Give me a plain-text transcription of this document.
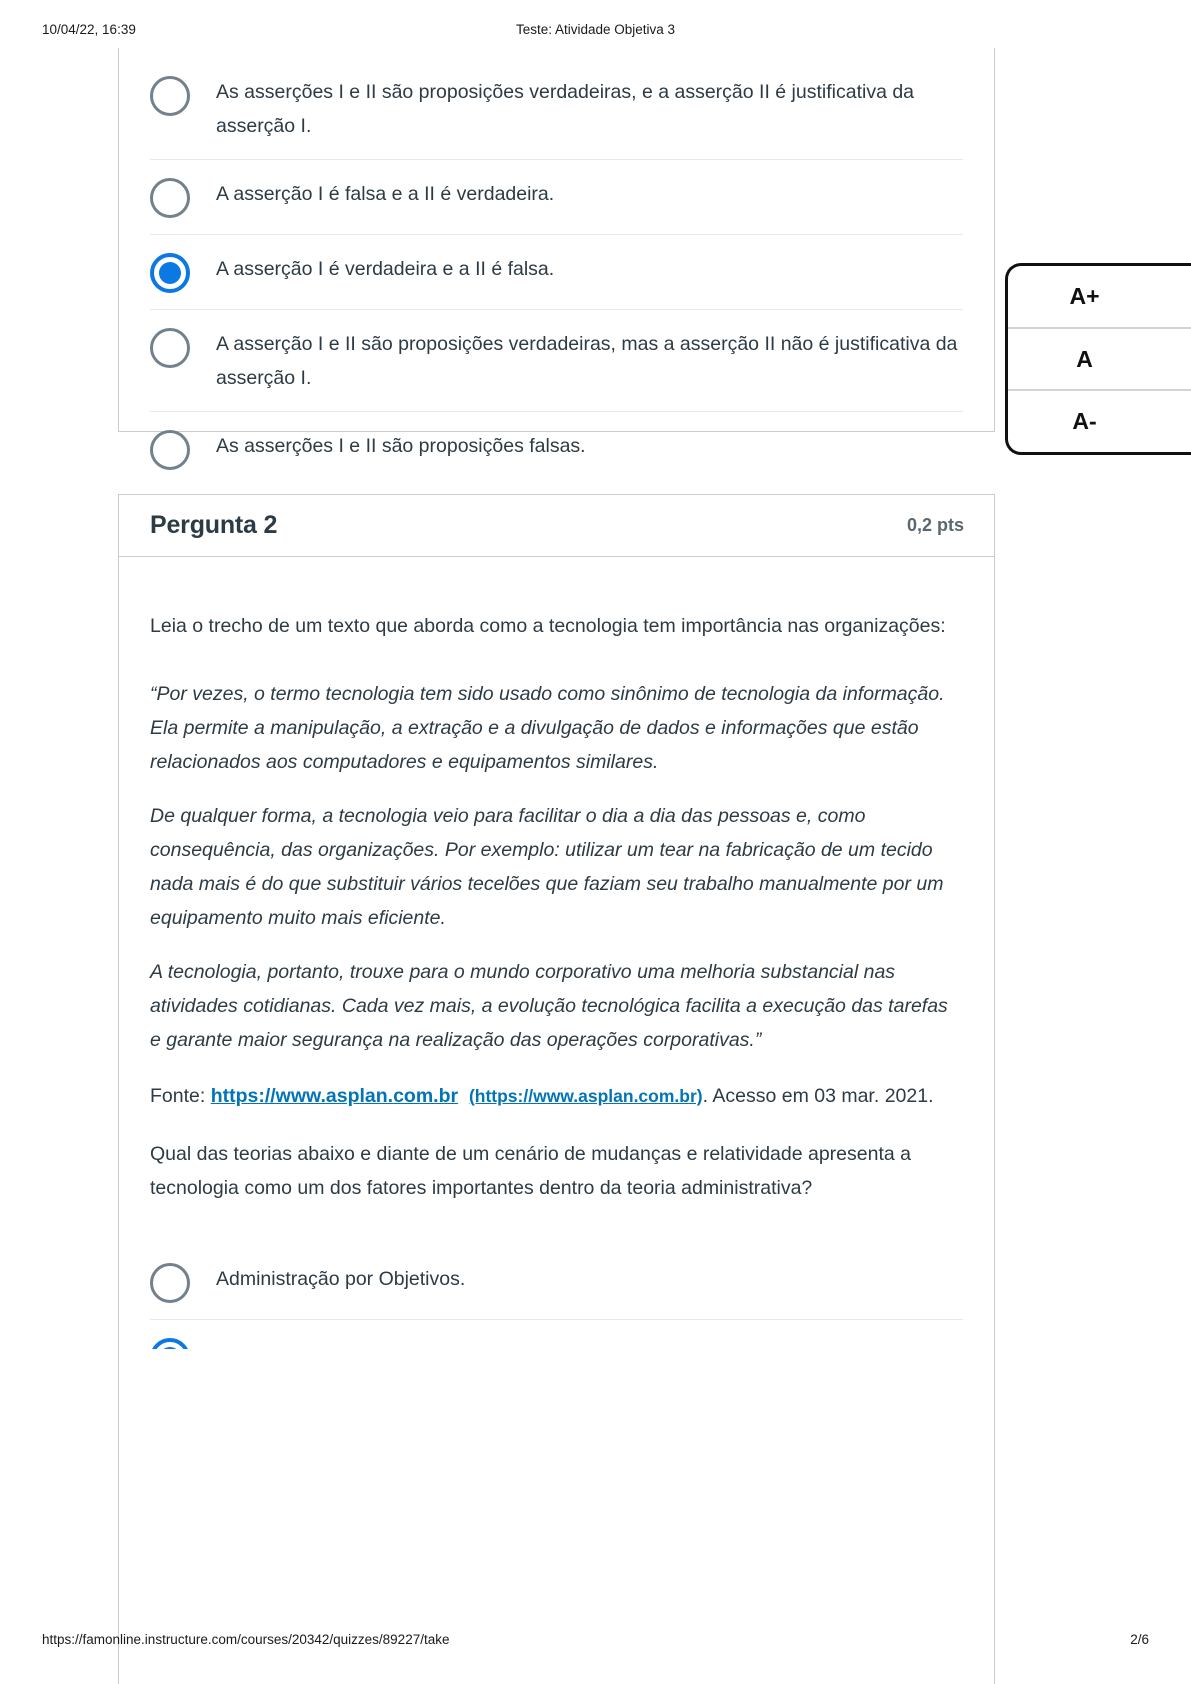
10/04/22, 16:39	Teste: Atividade Objetiva 3
As asserções I e II são proposições verdadeiras, e a asserção II é justificativa da asserção I.
A asserção I é falsa e a II é verdadeira.
A asserção I é verdadeira e a II é falsa.
A asserção I e II são proposições verdadeiras, mas a asserção II não é justificativa da asserção I.
As asserções I e II são proposições falsas.
A+
A
A-
Pergunta 2	0,2 pts

Leia o trecho de um texto que aborda como a tecnologia tem importância nas organizações:

“Por vezes, o termo tecnologia tem sido usado como sinônimo de tecnologia da informação. Ela permite a manipulação, a extração e a divulgação de dados e informações que estão relacionados aos computadores e equipamentos similares.

De qualquer forma, a tecnologia veio para facilitar o dia a dia das pessoas e, como consequência, das organizações. Por exemplo: utilizar um tear na fabricação de um tecido nada mais é do que substituir vários tecelões que faziam seu trabalho manualmente por um equipamento muito mais eficiente.

A tecnologia, portanto, trouxe para o mundo corporativo uma melhoria substancial nas atividades cotidianas. Cada vez mais, a evolução tecnológica facilita a execução das tarefas e garante maior segurança na realização das operações corporativas.”

Fonte: https://www.asplan.com.br (https://www.asplan.com.br). Acesso em 03 mar. 2021.

Qual das teorias abaixo e diante de um cenário de mudanças e relatividade apresenta a tecnologia como um dos fatores importantes dentro da teoria administrativa?

Administração por Objetivos.
https://famonline.instructure.com/courses/20342/quizzes/89227/take	2/6
